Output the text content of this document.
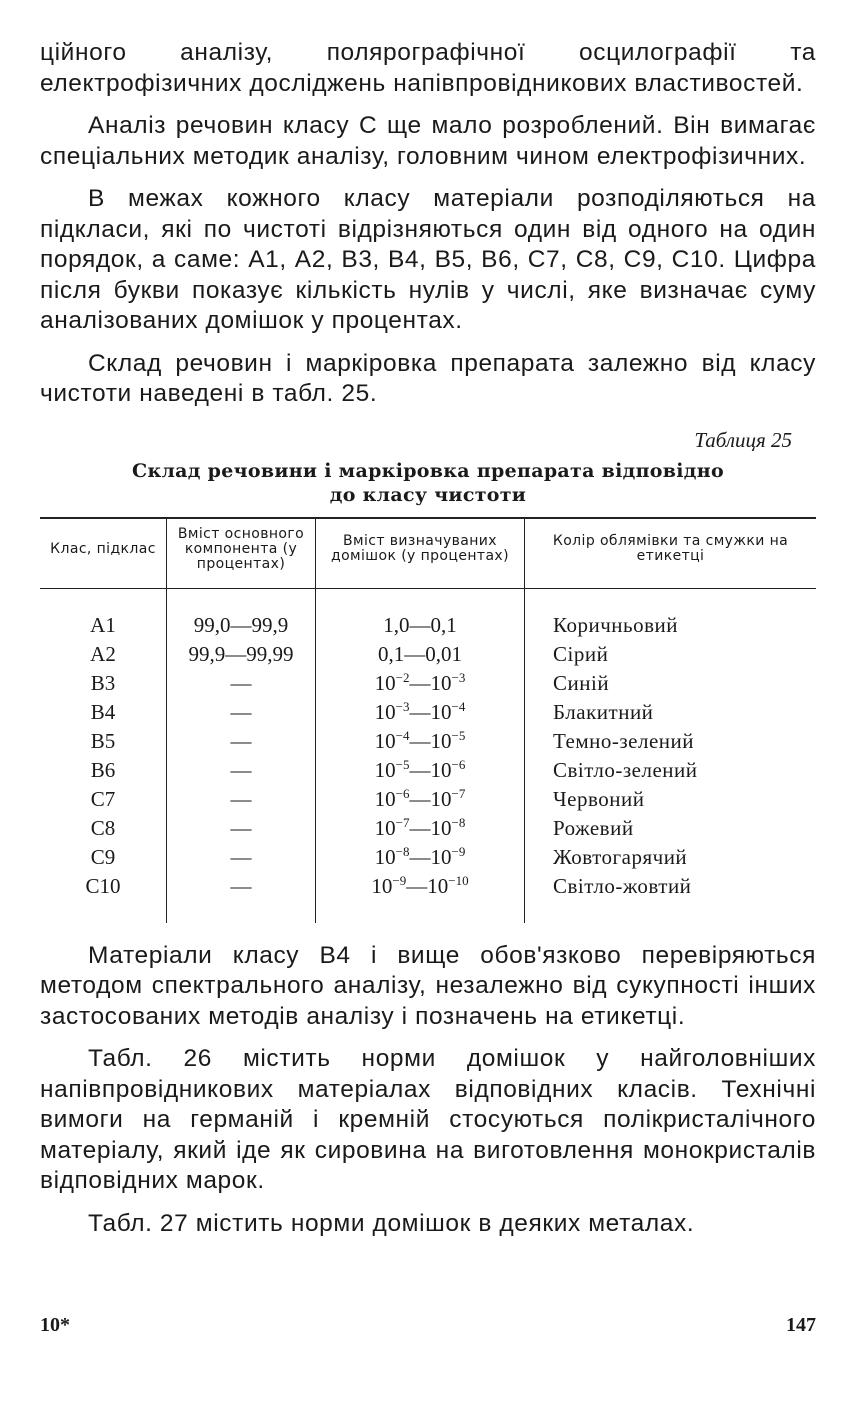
ційного аналізу, полярографічної осцилографії та електрофізичних досліджень напівпровідникових властивостей.

Аналіз речовин класу С ще мало розроблений. Він вимагає спеціальних методик аналізу, головним чином електрофізичних.

В межах кожного класу матеріали розподіляються на підкласи, які по чистоті відрізняються один від одного на один порядок, а саме: А1, А2, В3, В4, В5, В6, С7, С8, С9, С10. Цифра після букви показує кількість нулів у числі, яке визначає суму аналізованих домішок у процентах.

Склад речовин і маркіровка препарата залежно від класу чистоти наведені в табл. 25.

Таблиця 25
Склад речовини і маркіровка препарата відповідно
до класу чистоти
Клас, підклас	Вміст основного компонента (у процентах)	Вміст визначуваних домішок (у процентах)	Колір облямівки та смужки на етикетці
А1	99,0—99,9	1,0—0,1	Коричньовий
А2	99,9—99,99	0,1—0,01	Сірий
В3	—	$10^{-2}—10^{-3}$	Синій
В4	—	$10^{-3}—10^{-4}$	Блакитний
В5	—	$10^{-4}—10^{-5}$	Темно-зелений
В6	—	$10^{-5}—10^{-6}$	Світло-зелений
С7	—	$10^{-6}—10^{-7}$	Червоний
С8	—	$10^{-7}—10^{-8}$	Рожевий
С9	—	$10^{-8}—10^{-9}$	Жовтогарячий
С10	—	$10^{-9}—10^{-10}$	Світло-жовтий

Матеріали класу В4 і вище обов'язково перевіряються методом спектрального аналізу, незалежно від сукупності інших застосованих методів аналізу і позначень на етикетці.

Табл. 26 містить норми домішок у найголовніших напівпровідникових матеріалах відповідних класів. Технічні вимоги на германій і кремній стосуються полікристалічного матеріалу, який іде як сировина на виготовлення монокристалів відповідних марок.

Табл. 27 містить норми домішок в деяких металах.

10*	147
